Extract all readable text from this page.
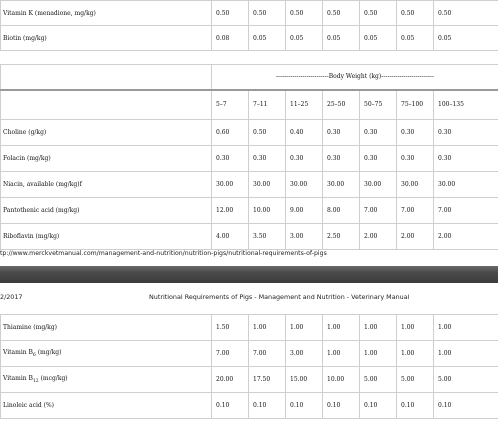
Vitamin K (menadione, mg/kg)	0.50	0.50	0.50	0.50	0.50	0.50	0.50
Biotin (mg/kg)	0.08	0.05	0.05	0.05	0.05	0.05	0.05
	--------------------------Body Weight (kg)--------------------------						
	5–7	7–11	11–25	25–50	50–75	75–100	100–135
Choline (g/kg)	0.60	0.50	0.40	0.30	0.30	0.30	0.30
Folacin (mg/kg)	0.30	0.30	0.30	0.30	0.30	0.30	0.30
Niacin, available (mg/kg)f	30.00	30.00	30.00	30.00	30.00	30.00	30.00
Pantothenic acid (mg/kg)	12.00	10.00	9.00	8.00	7.00	7.00	7.00
Riboflavin (mg/kg)	4.00	3.50	3.00	2.50	2.00	2.00	2.00
tp://www.merckvetmanual.com/management-and-nutrition/nutrition-pigs/nutritional-requirements-of-pigs
2/2017	Nutritional Requirements of Pigs - Management and Nutrition - Veterinary Manual
Thiamine (mg/kg)	1.50	1.00	1.00	1.00	1.00	1.00	1.00
Vitamin $B_6$ (mg/kg)	7.00	7.00	3.00	1.00	1.00	1.00	1.00
Vitamin $B_{12}$ (mcg/kg)	20.00	17.50	15.00	10.00	5.00	5.00	5.00
Linoleic acid (%)	0.10	0.10	0.10	0.10	0.10	0.10	0.10
